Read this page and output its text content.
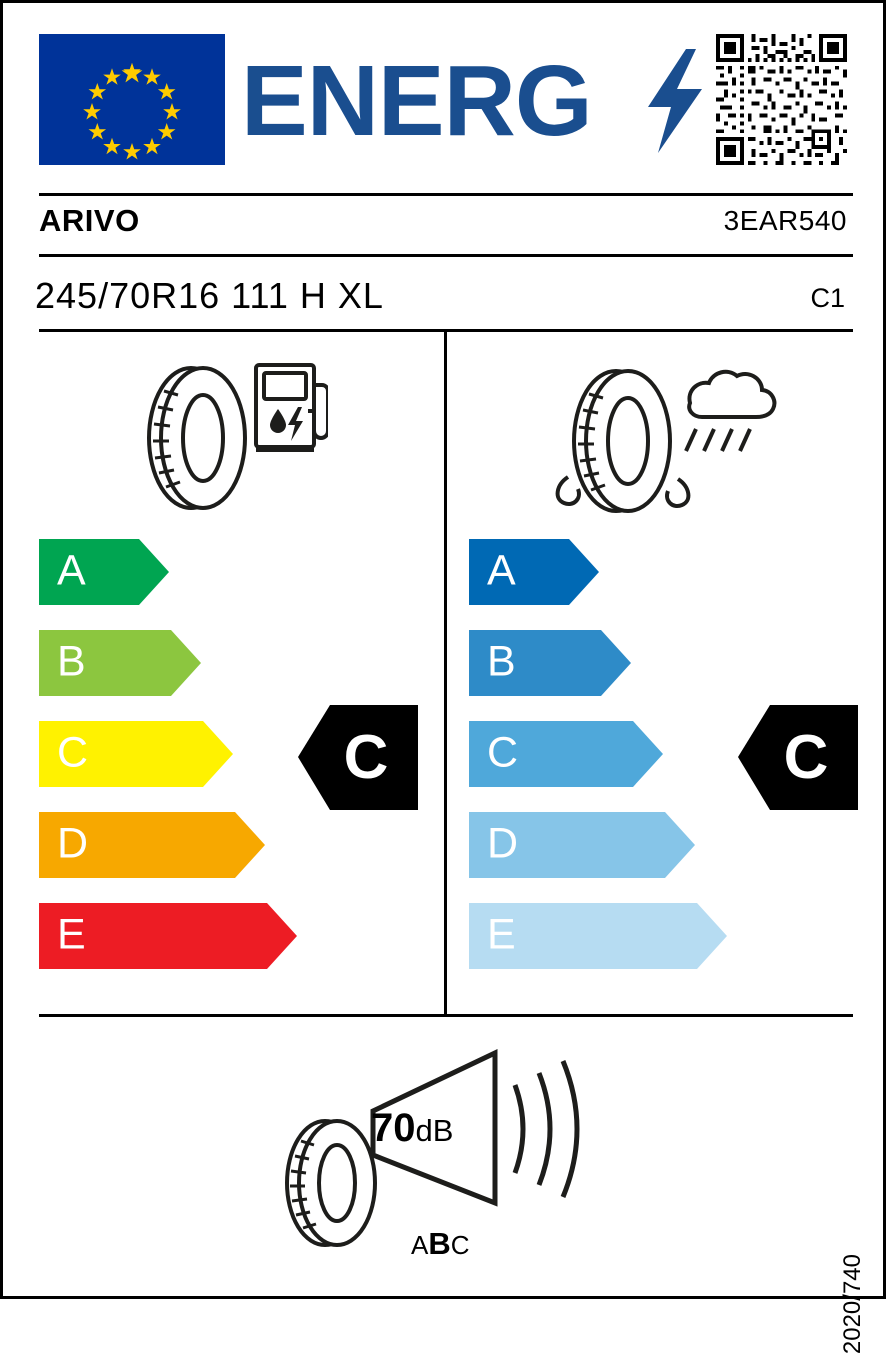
ENERG
ARIVO	3EAR540
245/70R16 111 H XL	C1
A
B
C
D
E
A
B
C
D
E
C	C
70dB
ABC
2020/740
